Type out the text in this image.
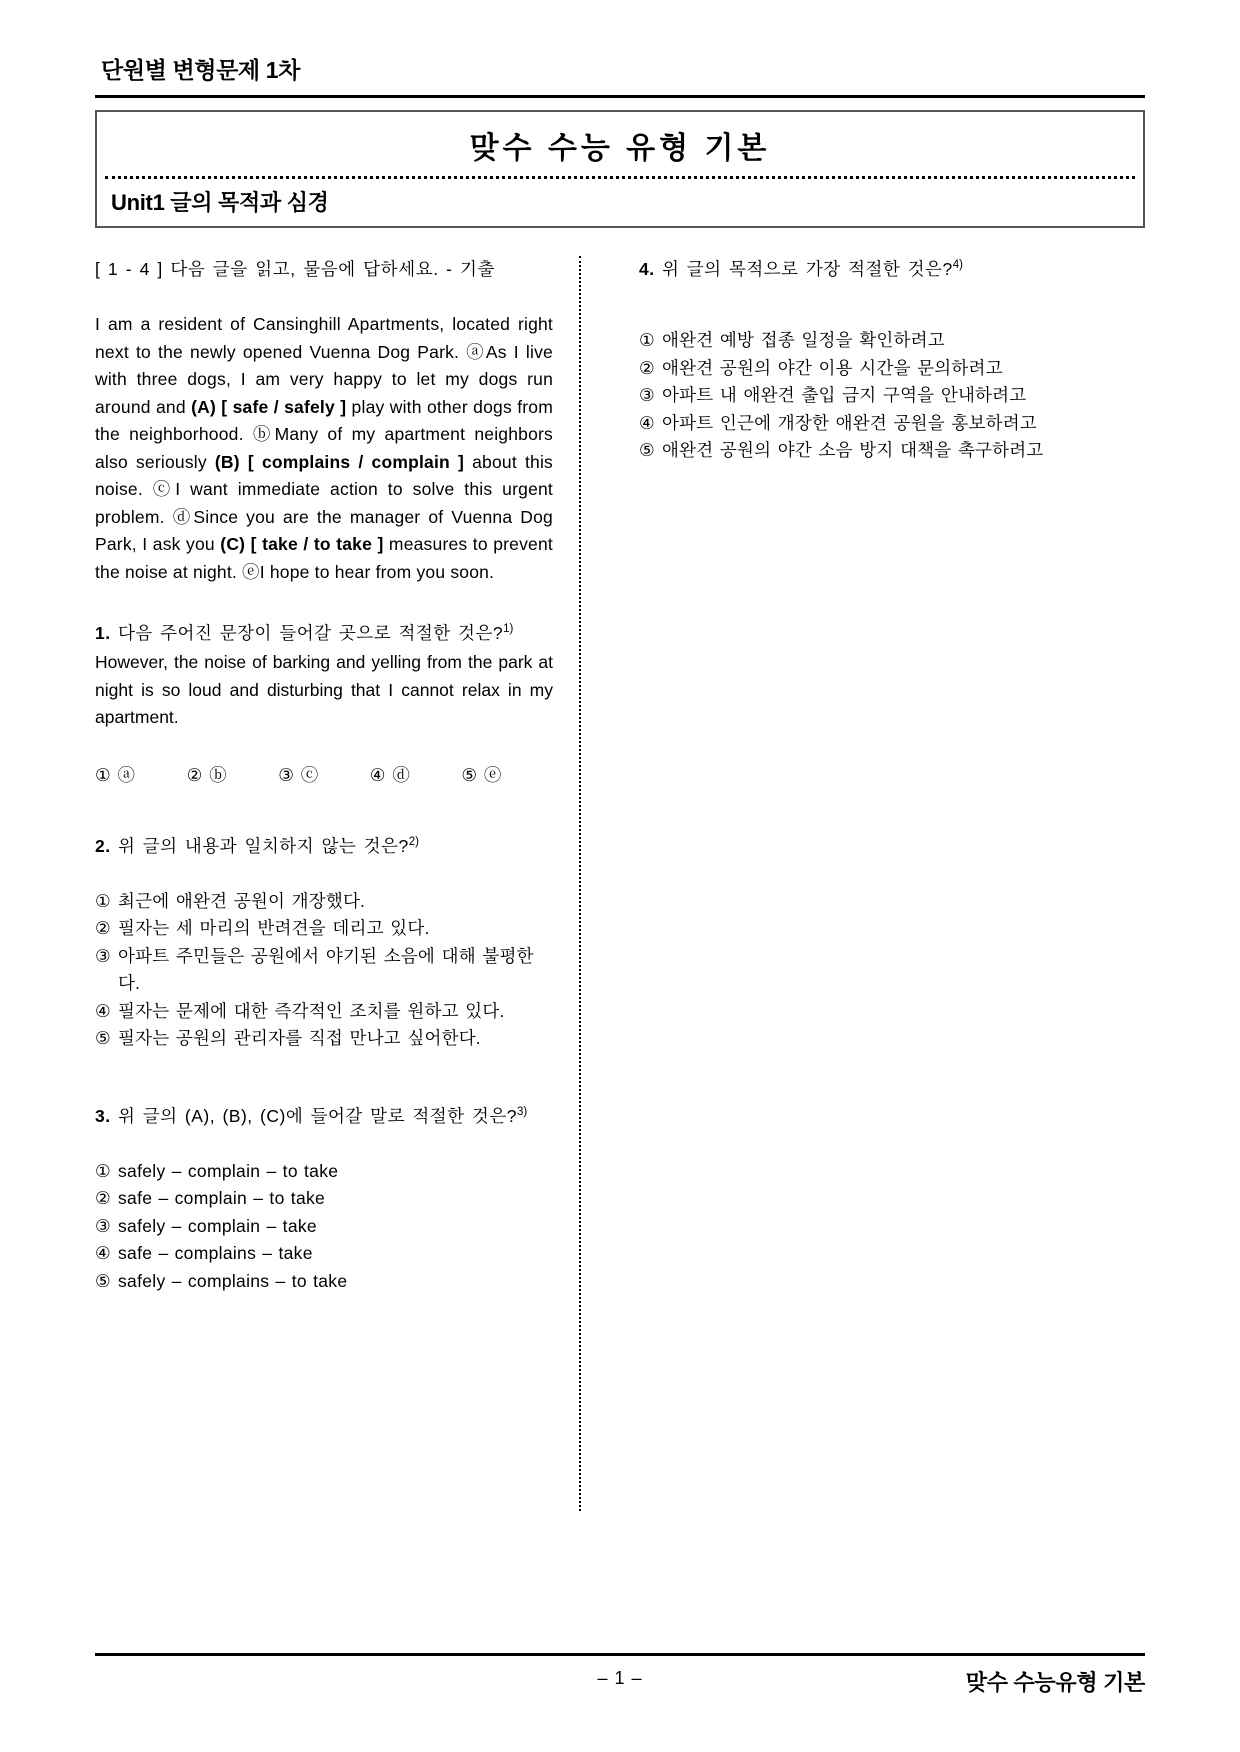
단원별 변형문제 1차
맞수 수능 유형 기본
Unit1 글의 목적과 심경
[ 1 - 4 ] 다음 글을 읽고, 물음에 답하세요. - 기출
I am a resident of Cansinghill Apartments, located right next to the newly opened Vuenna Dog Park. ⓐAs I live with three dogs, I am very happy to let my dogs run around and (A) [ safe / safely ] play with other dogs from the neighborhood. ⓑMany of my apartment neighbors also seriously (B) [ complains / complain ] about this noise. ⓒI want immediate action to solve this urgent problem. ⓓSince you are the manager of Vuenna Dog Park, I ask you (C) [ take / to take ] measures to prevent the noise at night. ⓔI hope to hear from you soon.
1. 다음 주어진 문장이 들어갈 곳으로 적절한 것은?$^{1)}$
However, the noise of barking and yelling from the park at night is so loud and disturbing that I cannot relax in my apartment.
① ⓐ	② ⓑ	③ ⓒ	④ ⓓ	⑤ ⓔ
2. 위 글의 내용과 일치하지 않는 것은?$^{2)}$
① 최근에 애완견 공원이 개장했다.
② 필자는 세 마리의 반려견을 데리고 있다.
③ 아파트 주민들은 공원에서 야기된 소음에 대해 불평한다.
④ 필자는 문제에 대한 즉각적인 조치를 원하고 있다.
⑤ 필자는 공원의 관리자를 직접 만나고 싶어한다.
3. 위 글의 (A), (B), (C)에 들어갈 말로 적절한 것은?$^{3)}$
① safely – complain – to take
② safe – complain – to take
③ safely – complain – take
④ safe – complains – take
⑤ safely – complains – to take
4. 위 글의 목적으로 가장 적절한 것은?$^{4)}$
① 애완견 예방 접종 일정을 확인하려고
② 애완견 공원의 야간 이용 시간을 문의하려고
③ 아파트 내 애완견 출입 금지 구역을 안내하려고
④ 아파트 인근에 개장한 애완견 공원을 홍보하려고
⑤ 애완견 공원의 야간 소음 방지 대책을 촉구하려고
– 1 –	맞수 수능유형 기본
